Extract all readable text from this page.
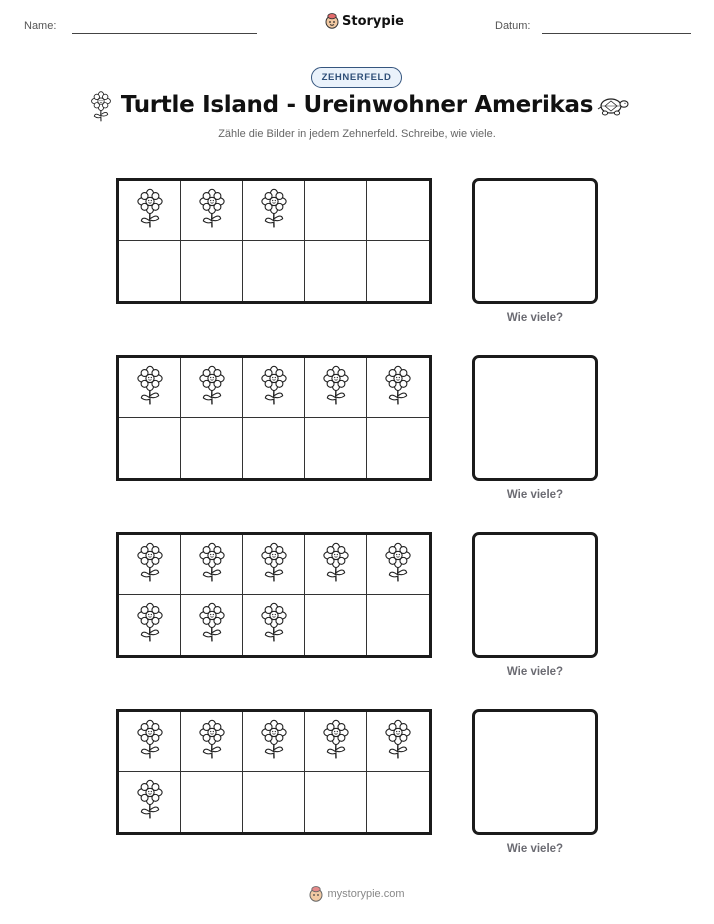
Name:	Storypie	Datum:
ZEHNERFELD
Turtle Island - Ureinwohner Amerikas
Zähle die Bilder in jedem Zehnerfeld. Schreibe, wie viele.
Wie viele?
Wie viele?
Wie viele?
Wie viele?
mystorypie.com
